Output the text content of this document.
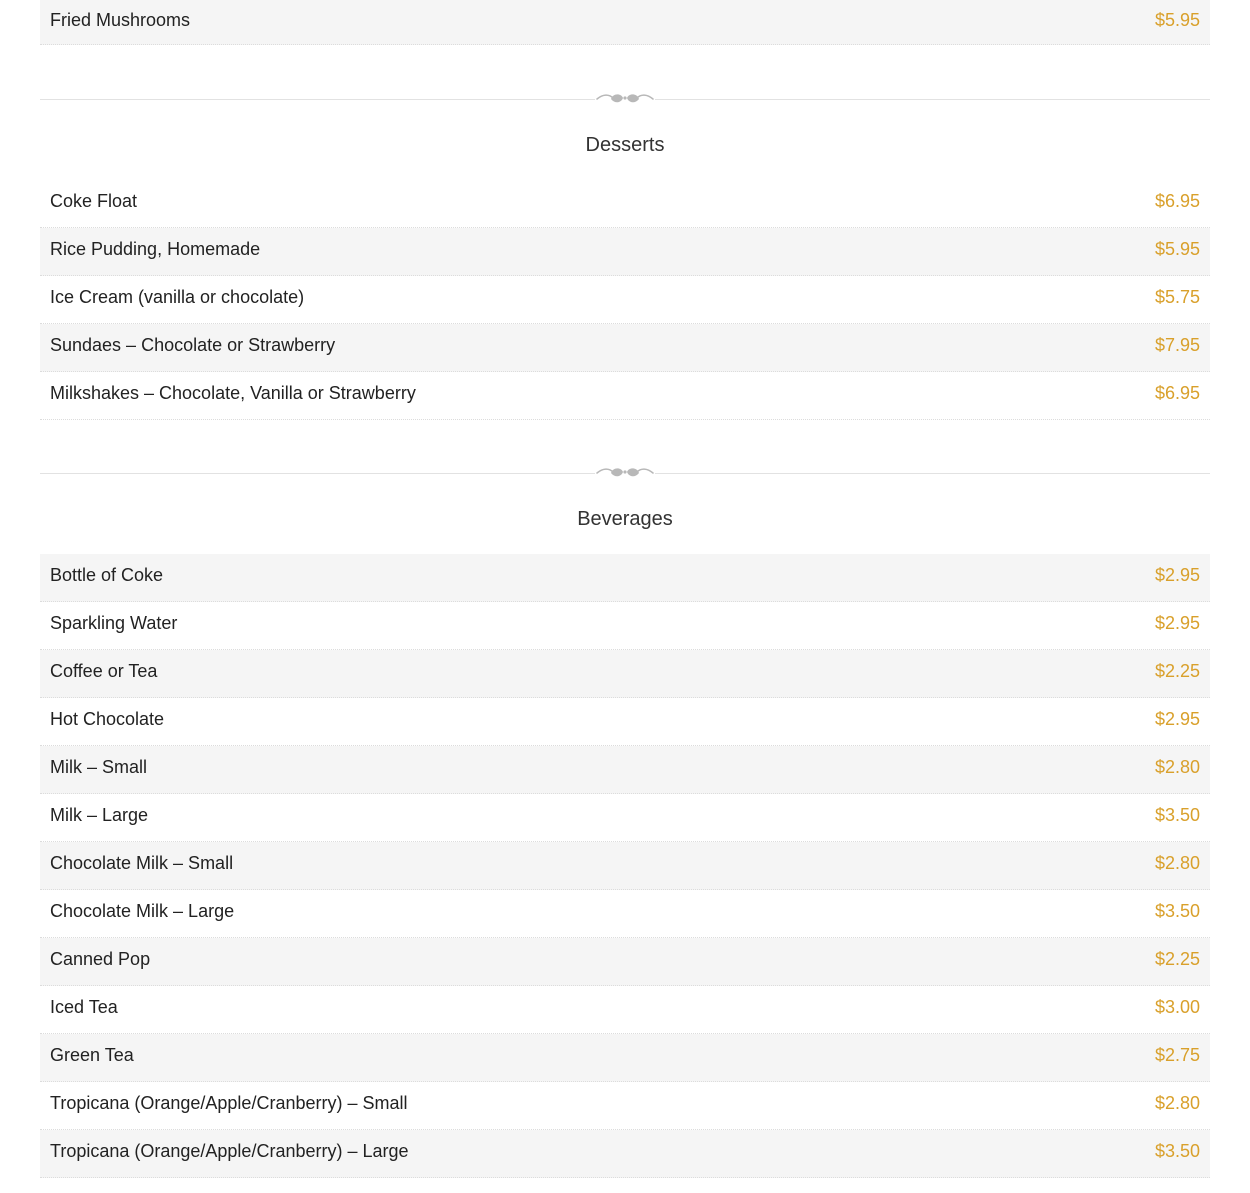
Fried Mushrooms	$5.95
Desserts
Coke Float	$6.95
Rice Pudding, Homemade	$5.95
Ice Cream (vanilla or chocolate)	$5.75
Sundaes – Chocolate or Strawberry	$7.95
Milkshakes – Chocolate, Vanilla or Strawberry	$6.95
Beverages
Bottle of Coke	$2.95
Sparkling Water	$2.95
Coffee or Tea	$2.25
Hot Chocolate	$2.95
Milk – Small	$2.80
Milk – Large	$3.50
Chocolate Milk – Small	$2.80
Chocolate Milk – Large	$3.50
Canned Pop	$2.25
Iced Tea	$3.00
Green Tea	$2.75
Tropicana (Orange/Apple/Cranberry) – Small	$2.80
Tropicana (Orange/Apple/Cranberry) – Large	$3.50
